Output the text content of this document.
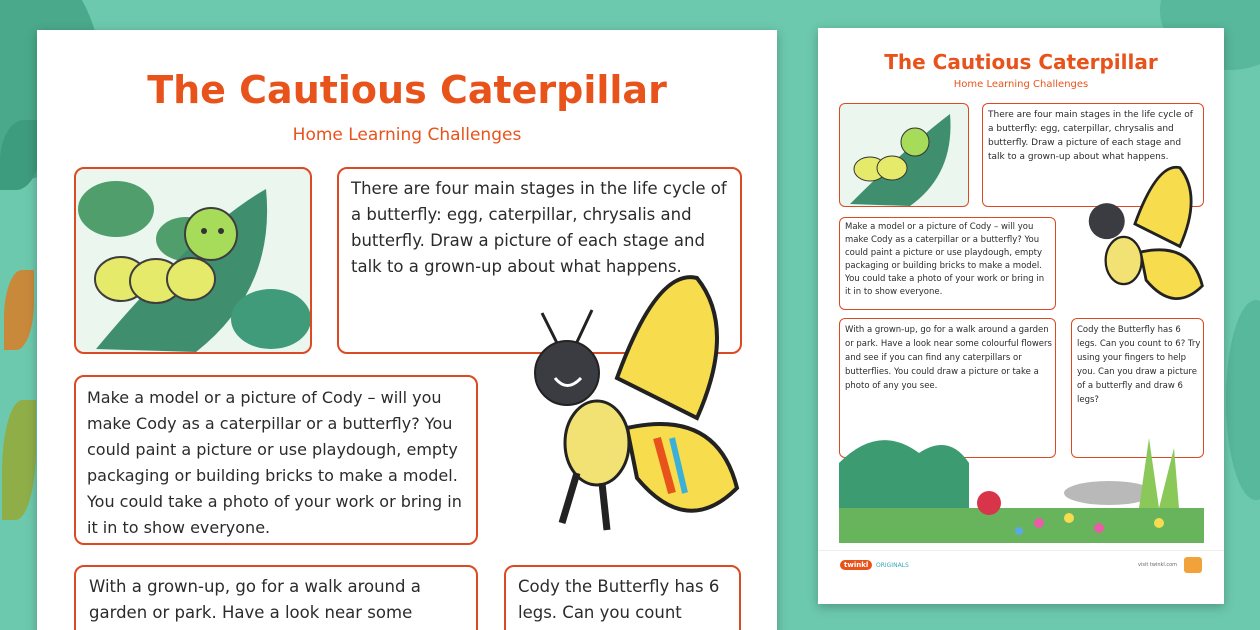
The Cautious Caterpillar
Home Learning Challenges
There are four main stages in the life cycle of a butterfly: egg, caterpillar, chrysalis and butterfly. Draw a picture of each stage and talk to a grown-up about what happens.
Make a model or a picture of Cody – will you make Cody as a caterpillar or a butterfly? You could paint a picture or use playdough, empty packaging or building bricks to make a model. You could take a photo of your work or bring in it in to show everyone.
With a grown-up, go for a walk around a garden or park. Have a look near some
Cody the Butterfly has 6 legs. Can you count
The Cautious Caterpillar
Home Learning Challenges
There are four main stages in the life cycle of a butterfly: egg, caterpillar, chrysalis and butterfly. Draw a picture of each stage and talk to a grown-up about what happens.
Make a model or a picture of Cody – will you make Cody as a caterpillar or a butterfly? You could paint a picture or use playdough, empty packaging or building bricks to make a model. You could take a photo of your work or bring in it in to show everyone.
With a grown-up, go for a walk around a garden or park. Have a look near some colourful flowers and see if you can find any caterpillars or butterflies. You could draw a picture or take a photo of any you see.
Cody the Butterfly has 6 legs. Can you count to 6? Try using your fingers to help you. Can you draw a picture of a butterfly and draw 6 legs?
twinkl	ORIGINALS	visit twinkl.com
